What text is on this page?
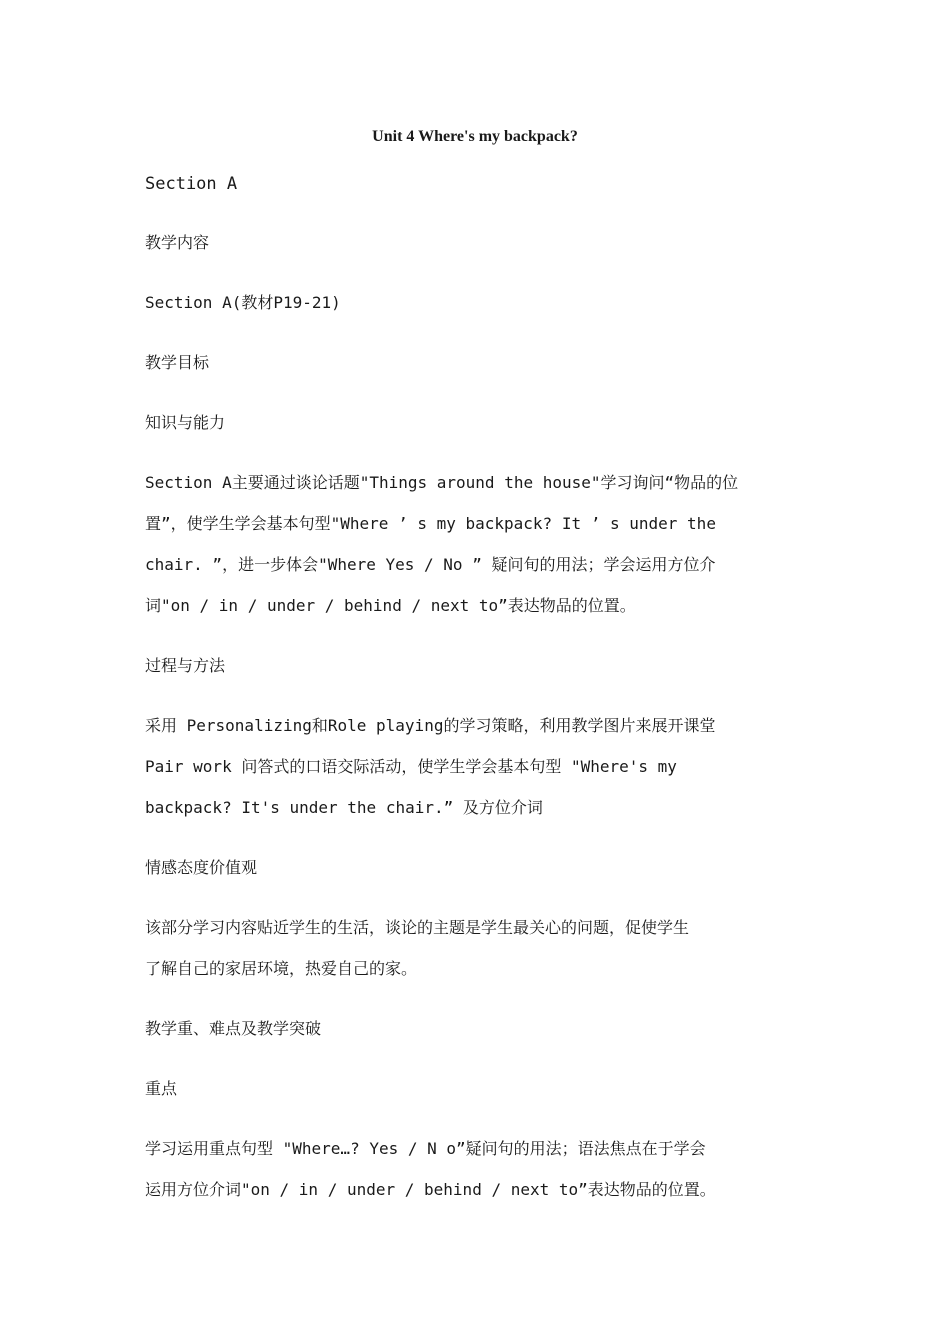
Unit 4 Where's my backpack?
Section A
教学内容
Section A(教材P19-21)
教学目标
知识与能力
Section A主要通过谈论话题"Things around the house"学习询问“物品的位
置”，使学生学会基本句型"Where ’ s my backpack? It ’ s under the
chair. ”，进一步体会"Where Yes / No ” 疑问旬的用法；学会运用方位介
词"on / in / under / behind / next to”表达物品的位置。
过程与方法
采用 Personalizing和Role playing的学习策略，利用教学图片来展开课堂
Pair work 问答式的口语交际活动，使学生学会基本句型 "Where's my
backpack? It's under the chair.” 及方位介词
情感态度价值观
该部分学习内容贴近学生的生活，谈论的主题是学生最关心的问题，促使学生
了解自己的家居环境，热爱自己的家。
教学重、难点及教学突破
重点
学习运用重点句型 "Where…? Yes / N o”疑问句的用法；语法焦点在于学会
运用方位介词"on / in / under / behind / next to”表达物品的位置。
